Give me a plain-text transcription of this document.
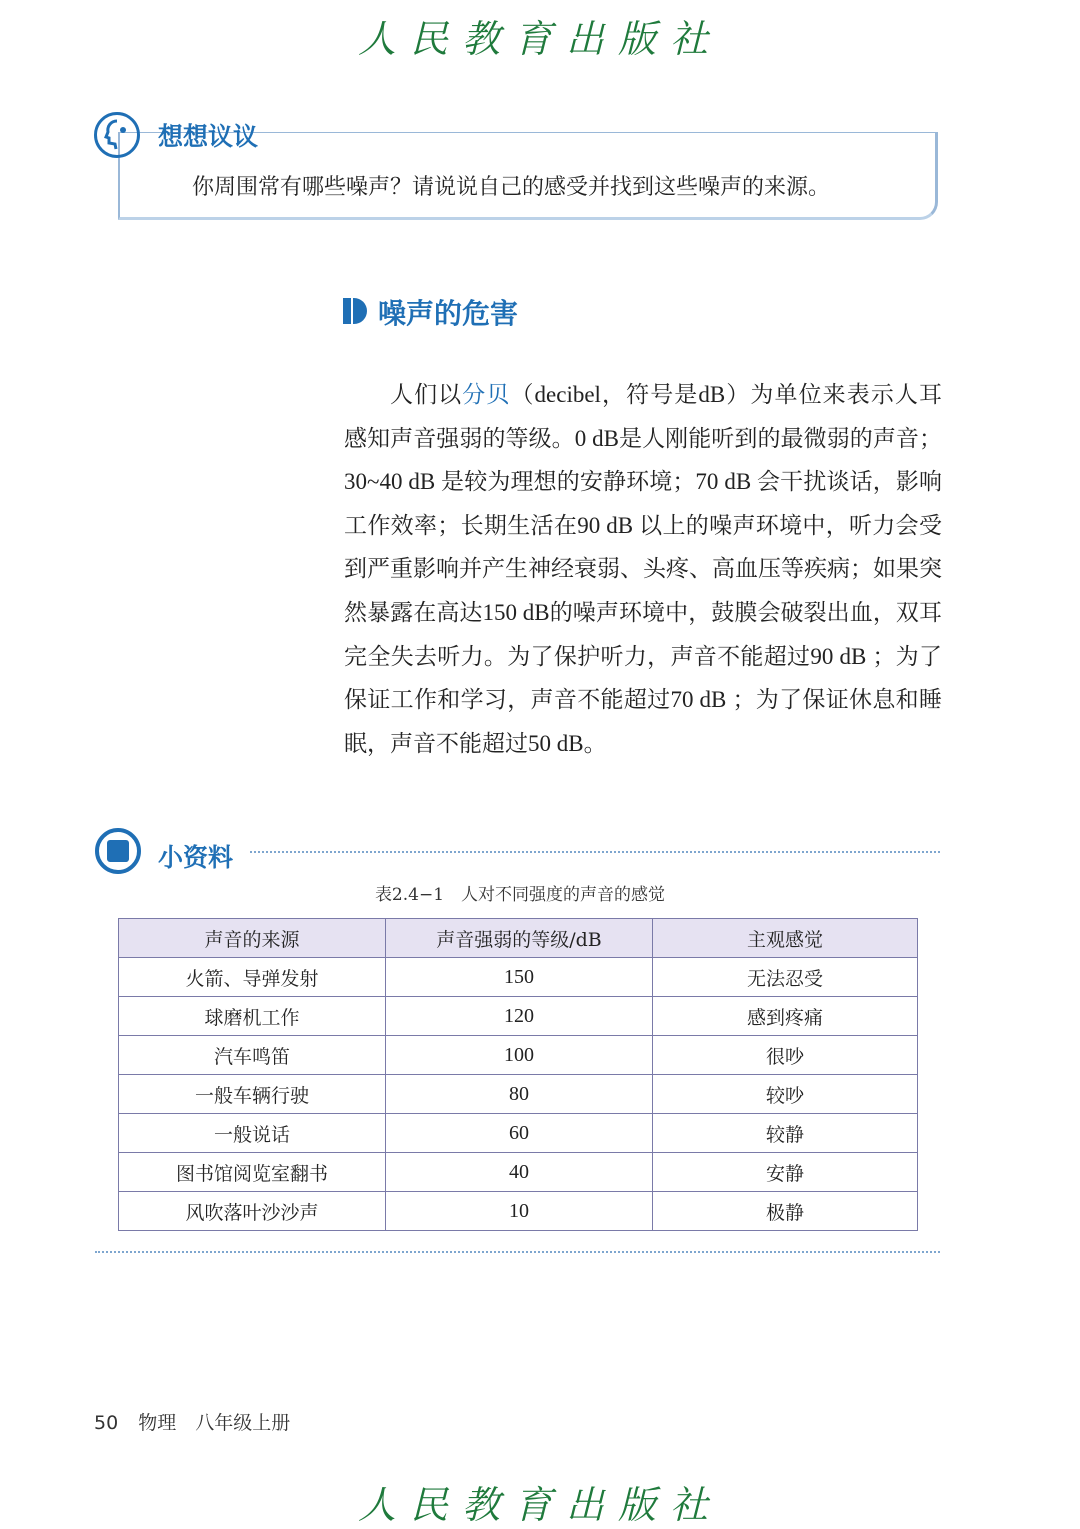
人民教育出版社
想想议议
你周围常有哪些噪声？请说说自己的感受并找到这些噪声的来源。
噪声的危害
人们以分贝（decibel，符号是dB）为单位来表示人耳感知声音强弱的等级。0 dB是人刚能听到的最微弱的声音；30~40 dB 是较为理想的安静环境；70 dB 会干扰谈话，影响工作效率；长期生活在90 dB 以上的噪声环境中，听力会受到严重影响并产生神经衰弱、头疼、高血压等疾病；如果突然暴露在高达150 dB的噪声环境中，鼓膜会破裂出血，双耳完全失去听力。为了保护听力，声音不能超过90 dB ；为了保证工作和学习，声音不能超过70 dB ；为了保证休息和睡眠，声音不能超过50 dB。
小资料
表2.4−1　人对不同强度的声音的感觉
声音的来源	声音强弱的等级/dB	主观感觉
火箭、导弹发射	150	无法忍受
球磨机工作	120	感到疼痛
汽车鸣笛	100	很吵
一般车辆行驶	80	较吵
一般说话	60	较静
图书馆阅览室翻书	40	安静
风吹落叶沙沙声	10	极静
50 物理　八年级上册
人民教育出版社
